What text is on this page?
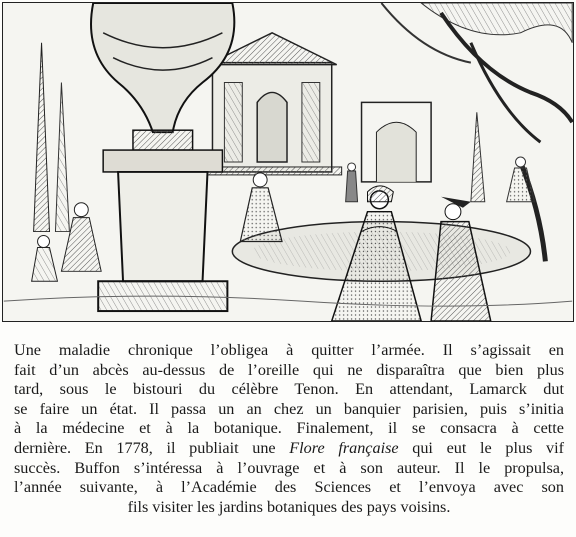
Une maladie chronique l’obligea à quitter l’armée. Il s’agissait en
fait d’un abcès au-dessus de l’oreille qui ne disparaîtra que bien plus
tard, sous le bistouri du célèbre Tenon. En attendant, Lamarck dut
se faire un état. Il passa un an chez un banquier parisien, puis s’initia
à la médecine et à la botanique. Finalement, il se consacra à cette
dernière. En 1778, il publiait une Flore française qui eut le plus vif
succès. Buffon s’intéressa à l’ouvrage et à son auteur. Il le propulsa,
l’année suivante, à l’Académie des Sciences et l’envoya avec son
fils visiter les jardins botaniques des pays voisins.
